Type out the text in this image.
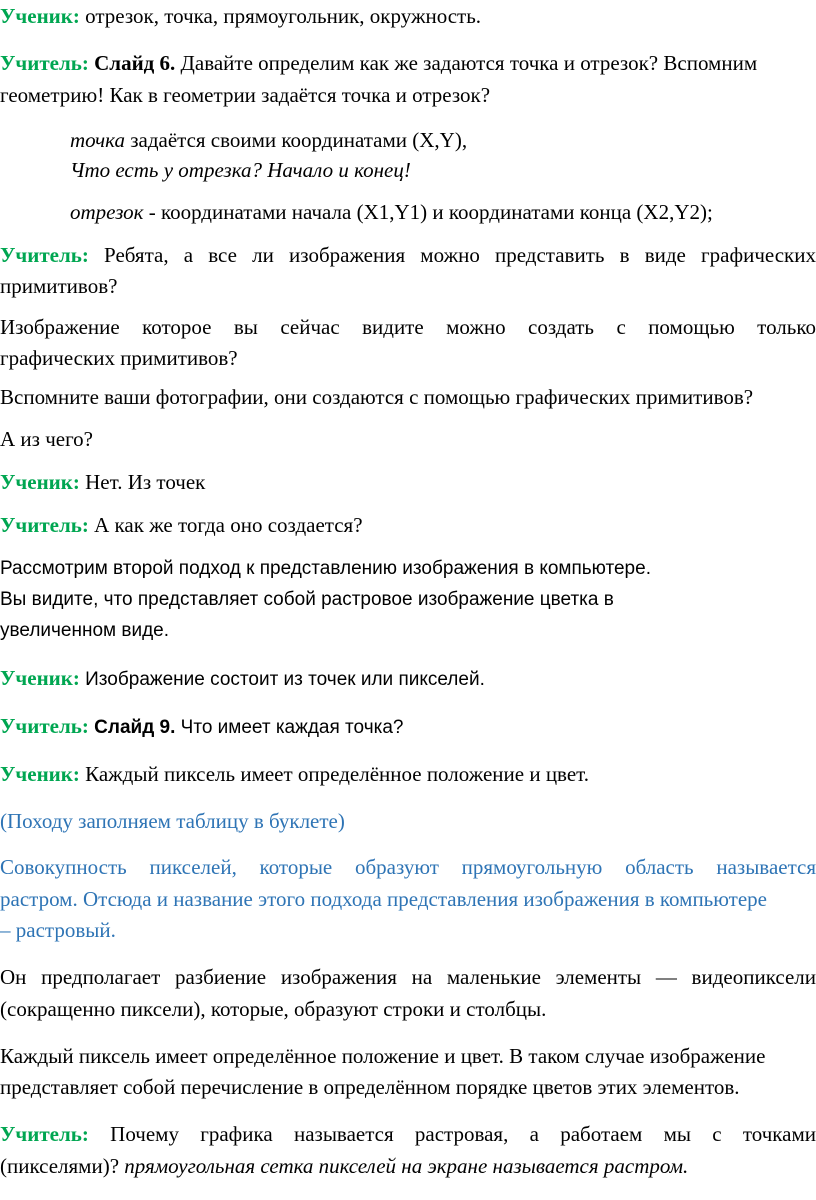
Ученик: отрезок, точка, прямоугольник, окружность.
Учитель: Слайд 6. Давайте определим как же задаются точка и отрезок? Вспомним
геометрию! Как в геометрии задаётся точка и отрезок?
точка задаётся своими координатами (X,Y),
Что есть у отрезка? Начало и конец!
отрезок - координатами начала (X1,Y1) и координатами конца (X2,Y2);
Учитель: Ребята, а все ли изображения можно представить в виде графических
примитивов?
Изображение которое вы сейчас видите можно создать с помощью только
графических примитивов?
Вспомните ваши фотографии, они создаются с помощью графических примитивов?
А из чего?
Ученик: Нет. Из точек
Учитель: А как же тогда оно создается?
Рассмотрим второй подход к представлению изображения в компьютере.
Вы видите, что представляет собой растровое изображение цветка в
увеличенном виде.
Ученик: Изображение состоит из точек или пикселей.
Учитель: Слайд 9. Что имеет каждая точка?
Ученик: Каждый пиксель имеет определённое положение и цвет.
(Походу заполняем таблицу в буклете)
Совокупность пикселей, которые образуют прямоугольную область называется
растром. Отсюда и название этого подхода представления изображения в компьютере
– растровый.
Он предполагает разбиение изображения на маленькие элементы — видеопиксели
(сокращенно пиксели), которые, образуют строки и столбцы.
Каждый пиксель имеет определённое положение и цвет. В таком случае изображение
представляет собой перечисление в определённом порядке цветов этих элементов.
Учитель: Почему графика называется растровая, а работаем мы с точками
(пикселями)? прямоугольная сетка пикселей на экране называется растром.
